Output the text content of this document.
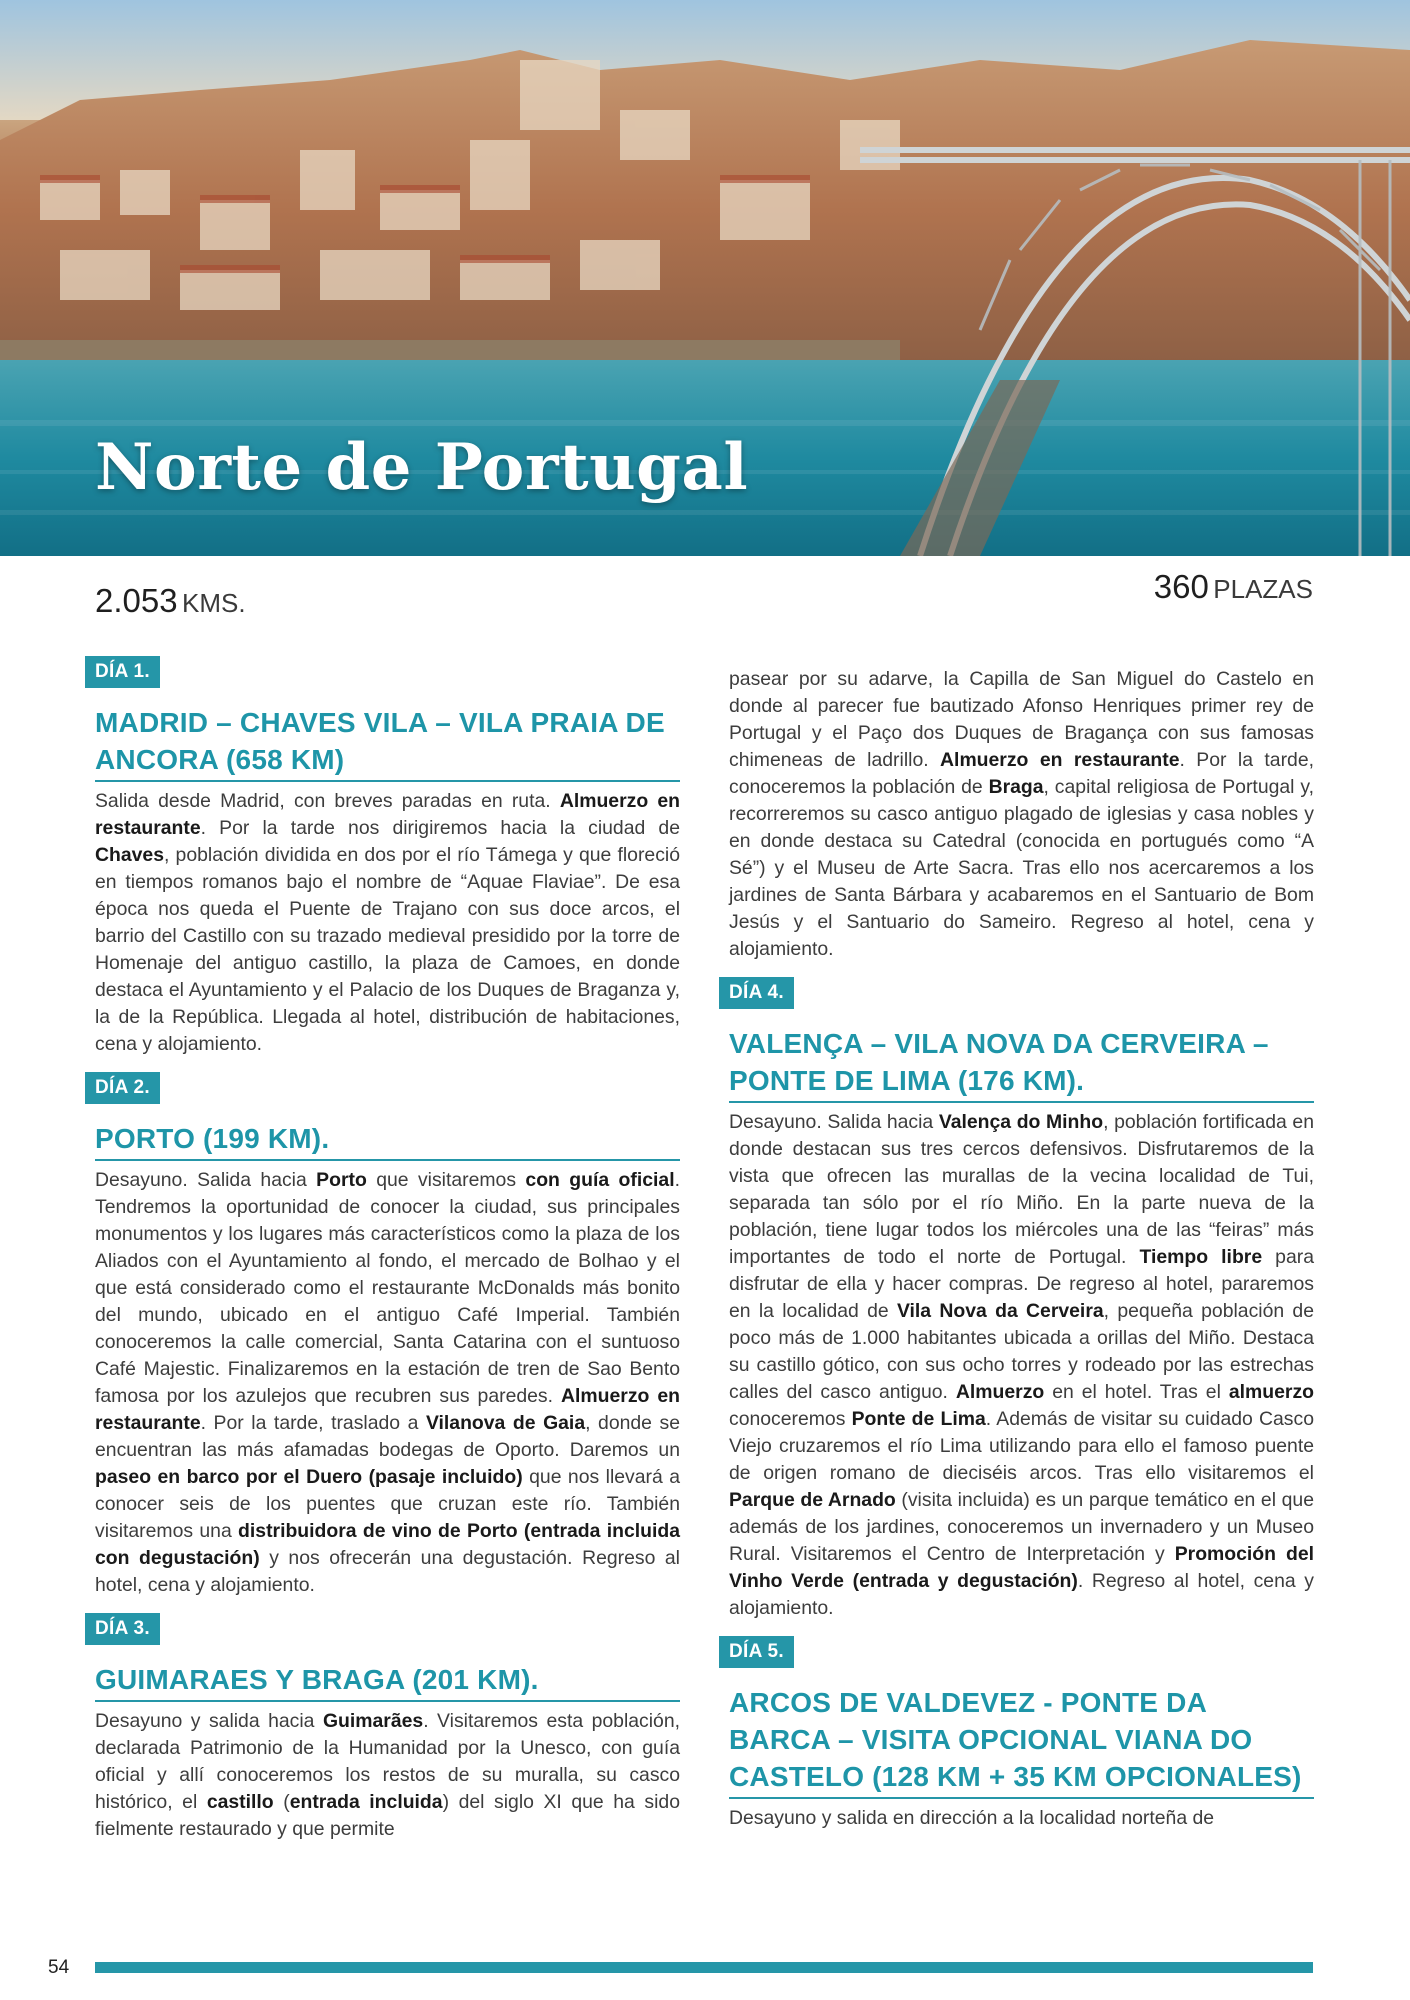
Norte de Portugal
2.053 KMS.	360 PLAZAS
DÍA 1.
MADRID – CHAVES VILA – VILA PRAIA DE ANCORA (658 KM)

Salida desde Madrid, con breves paradas en ruta. Almuerzo en restaurante. Por la tarde nos dirigiremos hacia la ciudad de Chaves, población dividida en dos por el río Támega y que floreció en tiempos romanos bajo el nombre de “Aquae Flaviae”. De esa época nos queda el Puente de Trajano con sus doce arcos, el barrio del Castillo con su trazado medieval presidido por la torre de Homenaje del antiguo castillo, la plaza de Camoes, en donde destaca el Ayuntamiento y el Palacio de los Duques de Braganza y, la de la República. Llegada al hotel, distribución de habitaciones, cena y alojamiento.

DÍA 2.
PORTO (199 KM).

Desayuno. Salida hacia Porto que visitaremos con guía oficial. Tendremos la oportunidad de conocer la ciudad, sus principales monumentos y los lugares más característicos como la plaza de los Aliados con el Ayuntamiento al fondo, el mercado de Bolhao y el que está considerado como el restaurante McDonalds más bonito del mundo, ubicado en el antiguo Café Imperial. También conoceremos la calle comercial, Santa Catarina con el suntuoso Café Majestic. Finalizaremos en la estación de tren de Sao Bento famosa por los azulejos que recubren sus paredes. Almuerzo en restaurante. Por la tarde, traslado a Vilanova de Gaia, donde se encuentran las más afamadas bodegas de Oporto. Daremos un paseo en barco por el Duero (pasaje incluido) que nos llevará a conocer seis de los puentes que cruzan este río. También visitaremos una distribuidora de vino de Porto (entrada incluida con degustación) y nos ofrecerán una degustación. Regreso al hotel, cena y alojamiento.

DÍA 3.
GUIMARAES Y BRAGA (201 KM).

Desayuno y salida hacia Guimarães. Visitaremos esta población, declarada Patrimonio de la Humanidad por la Unesco, con guía oficial y allí conoceremos los restos de su muralla, su casco histórico, el castillo (entrada incluida) del siglo XI que ha sido fielmente restaurado y que permite

pasear por su adarve, la Capilla de San Miguel do Castelo en donde al parecer fue bautizado Afonso Henriques primer rey de Portugal y el Paço dos Duques de Bragança con sus famosas chimeneas de ladrillo. Almuerzo en restaurante. Por la tarde, conoceremos la población de Braga, capital religiosa de Portugal y, recorreremos su casco antiguo plagado de iglesias y casa nobles y en donde destaca su Catedral (conocida en portugués como “A Sé”) y el Museu de Arte Sacra. Tras ello nos acercaremos a los jardines de Santa Bárbara y acabaremos en el Santuario de Bom Jesús y el Santuario do Sameiro. Regreso al hotel, cena y alojamiento.

DÍA 4.
VALENÇA – VILA NOVA DA CERVEIRA – PONTE DE LIMA (176 KM).

Desayuno. Salida hacia Valença do Minho, población fortificada en donde destacan sus tres cercos defensivos. Disfrutaremos de la vista que ofrecen las murallas de la vecina localidad de Tui, separada tan sólo por el río Miño. En la parte nueva de la población, tiene lugar todos los miércoles una de las “feiras” más importantes de todo el norte de Portugal. Tiempo libre para disfrutar de ella y hacer compras. De regreso al hotel, pararemos en la localidad de Vila Nova da Cerveira, pequeña población de poco más de 1.000 habitantes ubicada a orillas del Miño. Destaca su castillo gótico, con sus ocho torres y rodeado por las estrechas calles del casco antiguo. Almuerzo en el hotel. Tras el almuerzo conoceremos Ponte de Lima. Además de visitar su cuidado Casco Viejo cruzaremos el río Lima utilizando para ello el famoso puente de origen romano de dieciséis arcos. Tras ello visitaremos el Parque de Arnado (visita incluida) es un parque temático en el que además de los jardines, conoceremos un invernadero y un Museo Rural. Visitaremos el Centro de Interpretación y Promoción del Vinho Verde (entrada y degustación). Regreso al hotel, cena y alojamiento.

DÍA 5.
ARCOS DE VALDEVEZ - PONTE DA BARCA – VISITA OPCIONAL VIANA DO CASTELO (128 KM + 35 KM OPCIONALES)

Desayuno y salida en dirección a la localidad norteña de

54
